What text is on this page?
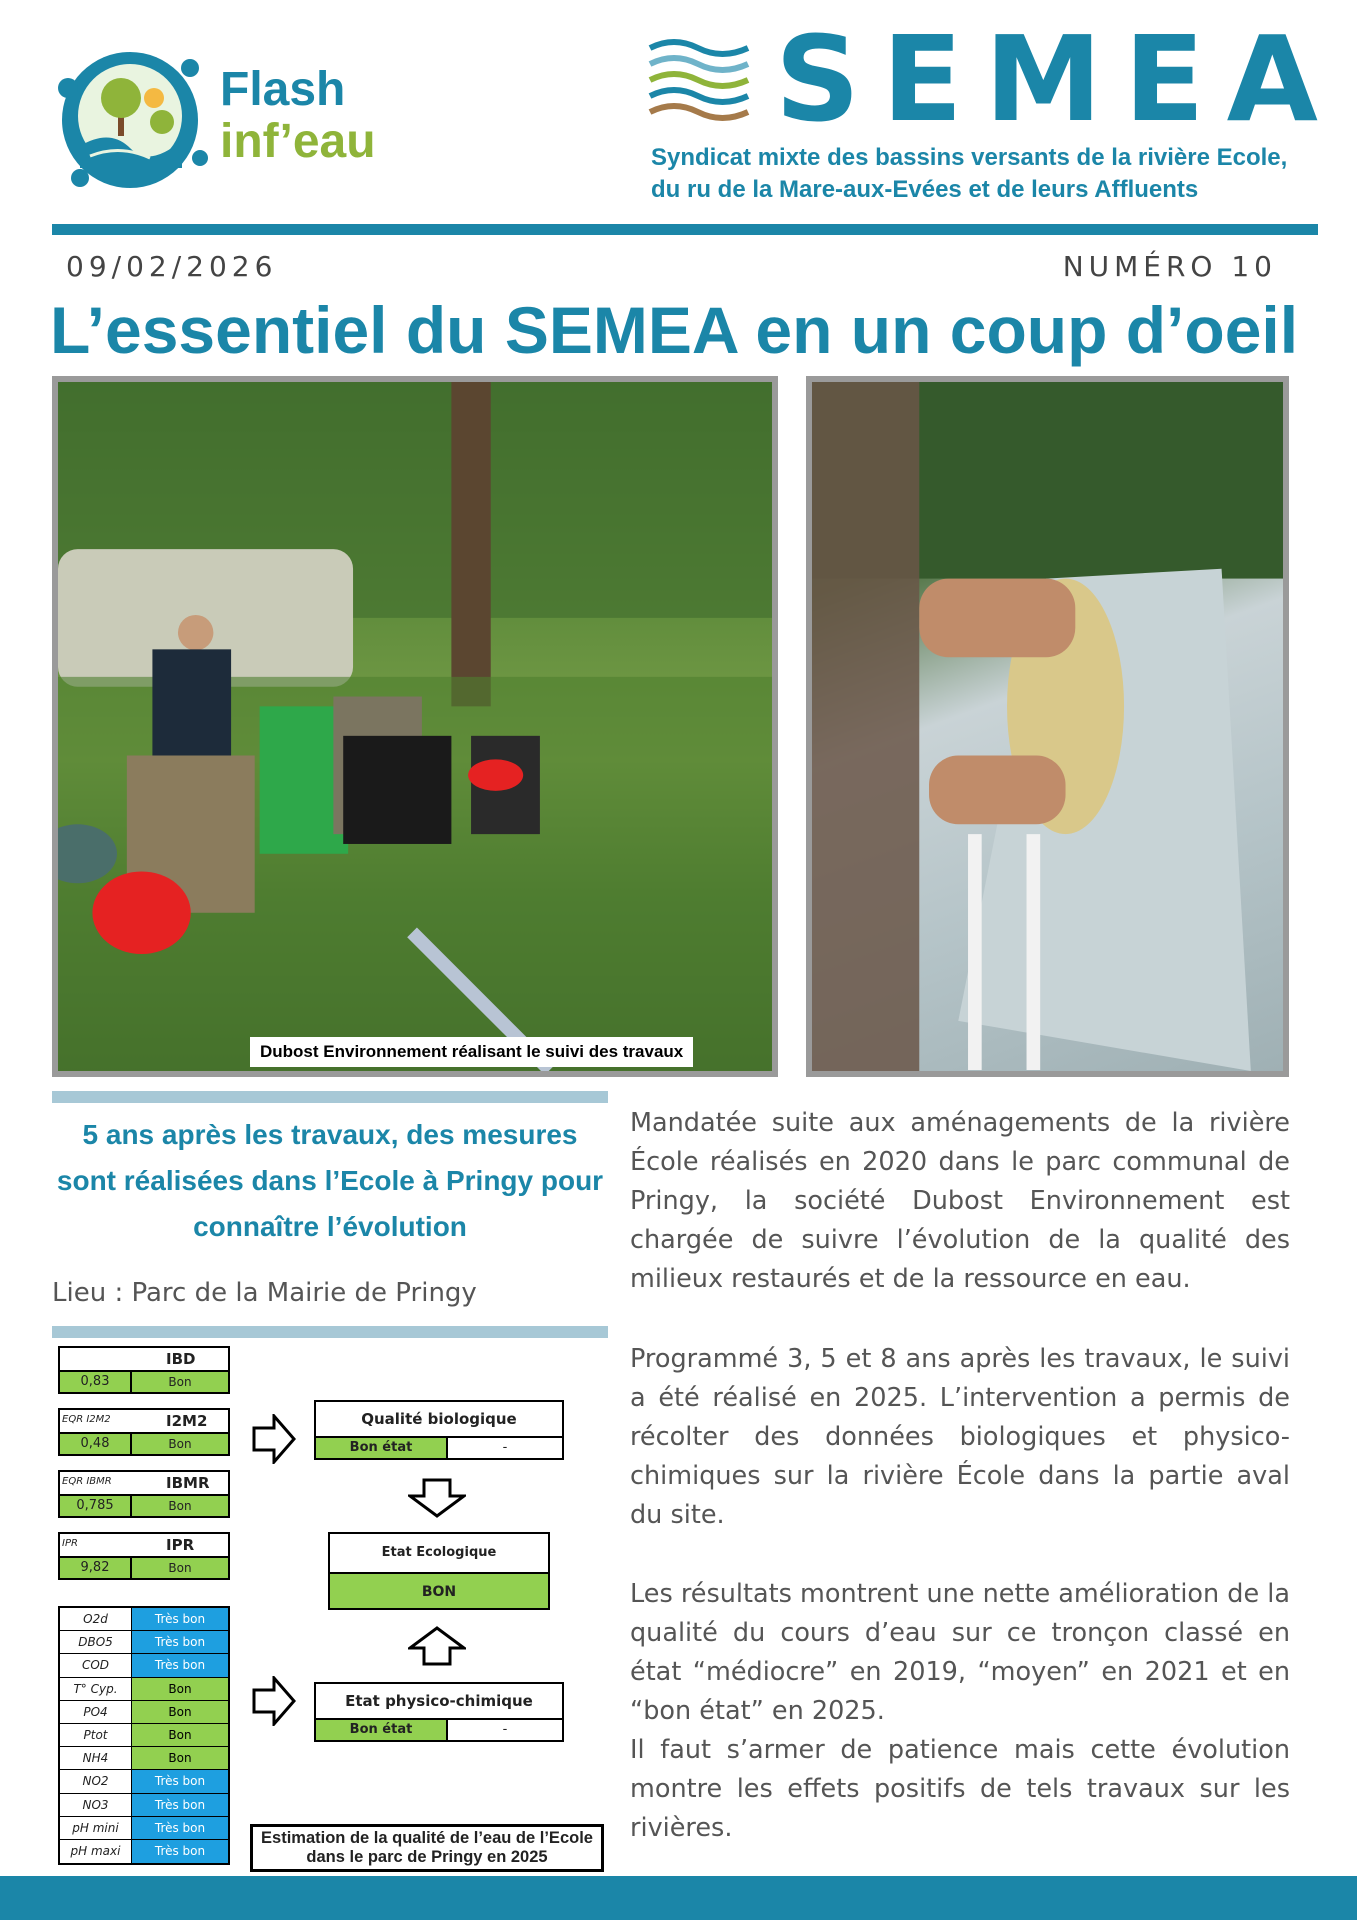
Flash
inf’eau	SEMEA
Syndicat mixte des bassins versants de la rivière Ecole,
du ru de la Mare-aux-Evées et de leurs Affluents
09/02/2026	NUMÉRO 10
L’essentiel du SEMEA en un coup d’oeil
Dubost Environnement réalisant le suivi des travaux
5 ans après les travaux, des mesures sont réalisées dans l’Ecole à Pringy pour connaître l’évolution
Lieu : Parc de la Mairie de Pringy
IBD
0,83	Bon
EQR I2M2	I2M2
0,48	Bon
EQR IBMR	IBMR
0,785	Bon
IPR	IPR
9,82	Bon
O2d	Très bon
DBO5	Très bon
COD	Très bon
T° Cyp.	Bon
PO4	Bon
Ptot	Bon
NH4	Bon
NO2	Très bon
NO3	Très bon
pH mini	Très bon
pH maxi	Très bon
Qualité biologique
Bon état	-
Etat Ecologique
BON
Etat physico-chimique
Bon état	-
Estimation de la qualité de l’eau de l’Ecole dans le parc de Pringy en 2025

Mandatée suite aux aménagements de la rivière École réalisés en 2020 dans le parc communal de Pringy, la société Dubost Environnement est chargée de suivre l’évolution de la qualité des milieux restaurés et de la ressource en eau.

Programmé 3, 5 et 8 ans après les travaux, le suivi a été réalisé en 2025. L’intervention a permis de récolter des données biologiques et physico-chimiques sur la rivière École dans la partie aval du site.

Les résultats montrent une nette amélioration de la qualité du cours d’eau sur ce tronçon classé en état “médiocre” en 2019, “moyen” en 2021 et en “bon état” en 2025.

Il faut s’armer de patience mais cette évolution montre les effets positifs de tels travaux sur les rivières.
